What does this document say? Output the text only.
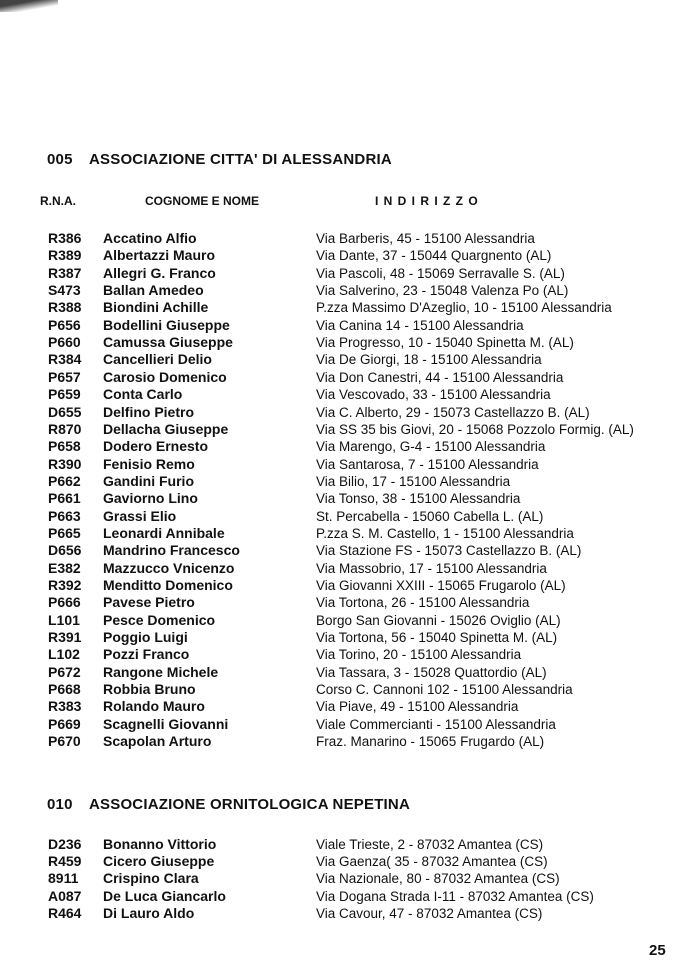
005 ASSOCIAZIONE CITTA' DI ALESSANDRIA
R.N.A.	COGNOME E NOME	I N D I R I Z Z O
R386 Accatino Alfio	Via Barberis, 45 - 15100 Alessandria
R389 Albertazzi Mauro	Via Dante, 37 - 15044 Quargnento (AL)
R387 Allegri G. Franco	Via Pascoli, 48 - 15069 Serravalle S. (AL)
S473 Ballan Amedeo	Via Salverino, 23 - 15048 Valenza Po (AL)
R388 Biondini Achille	P.zza Massimo D'Azeglio, 10 - 15100 Alessandria
P656 Bodellini Giuseppe	Via Canina 14 - 15100 Alessandria
P660 Camussa Giuseppe	Via Progresso, 10 - 15040 Spinetta M. (AL)
R384 Cancellieri Delio	Via De Giorgi, 18 - 15100 Alessandria
P657 Carosio Domenico	Via Don Canestri, 44 - 15100 Alessandria
P659 Conta Carlo	Via Vescovado, 33 - 15100 Alessandria
D655 Delfino Pietro	Via C. Alberto, 29 - 15073 Castellazzo B. (AL)
R870 Dellacha Giuseppe	Via SS 35 bis Giovi, 20 - 15068 Pozzolo Formig. (AL)
P658 Dodero Ernesto	Via Marengo, G-4 - 15100 Alessandria
R390 Fenisio Remo	Via Santarosa, 7 - 15100 Alessandria
P662 Gandini Furio	Via Bilio, 17 - 15100 Alessandria
P661 Gaviorno Lino	Via Tonso, 38 - 15100 Alessandria
P663 Grassi Elio	St. Percabella - 15060 Cabella L. (AL)
P665 Leonardi Annibale	P.zza S. M. Castello, 1 - 15100 Alessandria
D656 Mandrino Francesco	Via Stazione FS - 15073 Castellazzo B. (AL)
E382 Mazzucco Vnicenzo	Via Massobrio, 17 - 15100 Alessandria
R392 Menditto Domenico	Via Giovanni XXIII - 15065 Frugarolo (AL)
P666 Pavese Pietro	Via Tortona, 26 - 15100 Alessandria
L101 Pesce Domenico	Borgo San Giovanni - 15026 Oviglio (AL)
R391 Poggio Luigi	Via Tortona, 56 - 15040 Spinetta M. (AL)
L102 Pozzi Franco	Via Torino, 20 - 15100 Alessandria
P672 Rangone Michele	Via Tassara, 3 - 15028 Quattordio (AL)
P668 Robbia Bruno	Corso C. Cannoni 102 - 15100 Alessandria
R383 Rolando Mauro	Via Piave, 49 - 15100 Alessandria
P669 Scagnelli Giovanni	Viale Commercianti - 15100 Alessandria
P670 Scapolan Arturo	Fraz. Manarino - 15065 Frugardo (AL)
010 ASSOCIAZIONE ORNITOLOGICA NEPETINA
D236 Bonanno Vittorio	Viale Trieste, 2 - 87032 Amantea (CS)
R459 Cicero Giuseppe	Via Gaenza( 35 - 87032 Amantea (CS)
8911 Crispino Clara	Via Nazionale, 80 - 87032 Amantea (CS)
A087 De Luca Giancarlo	Via Dogana Strada I-11 - 87032 Amantea (CS)
R464 Di Lauro Aldo	Via Cavour, 47 - 87032 Amantea (CS)
25
